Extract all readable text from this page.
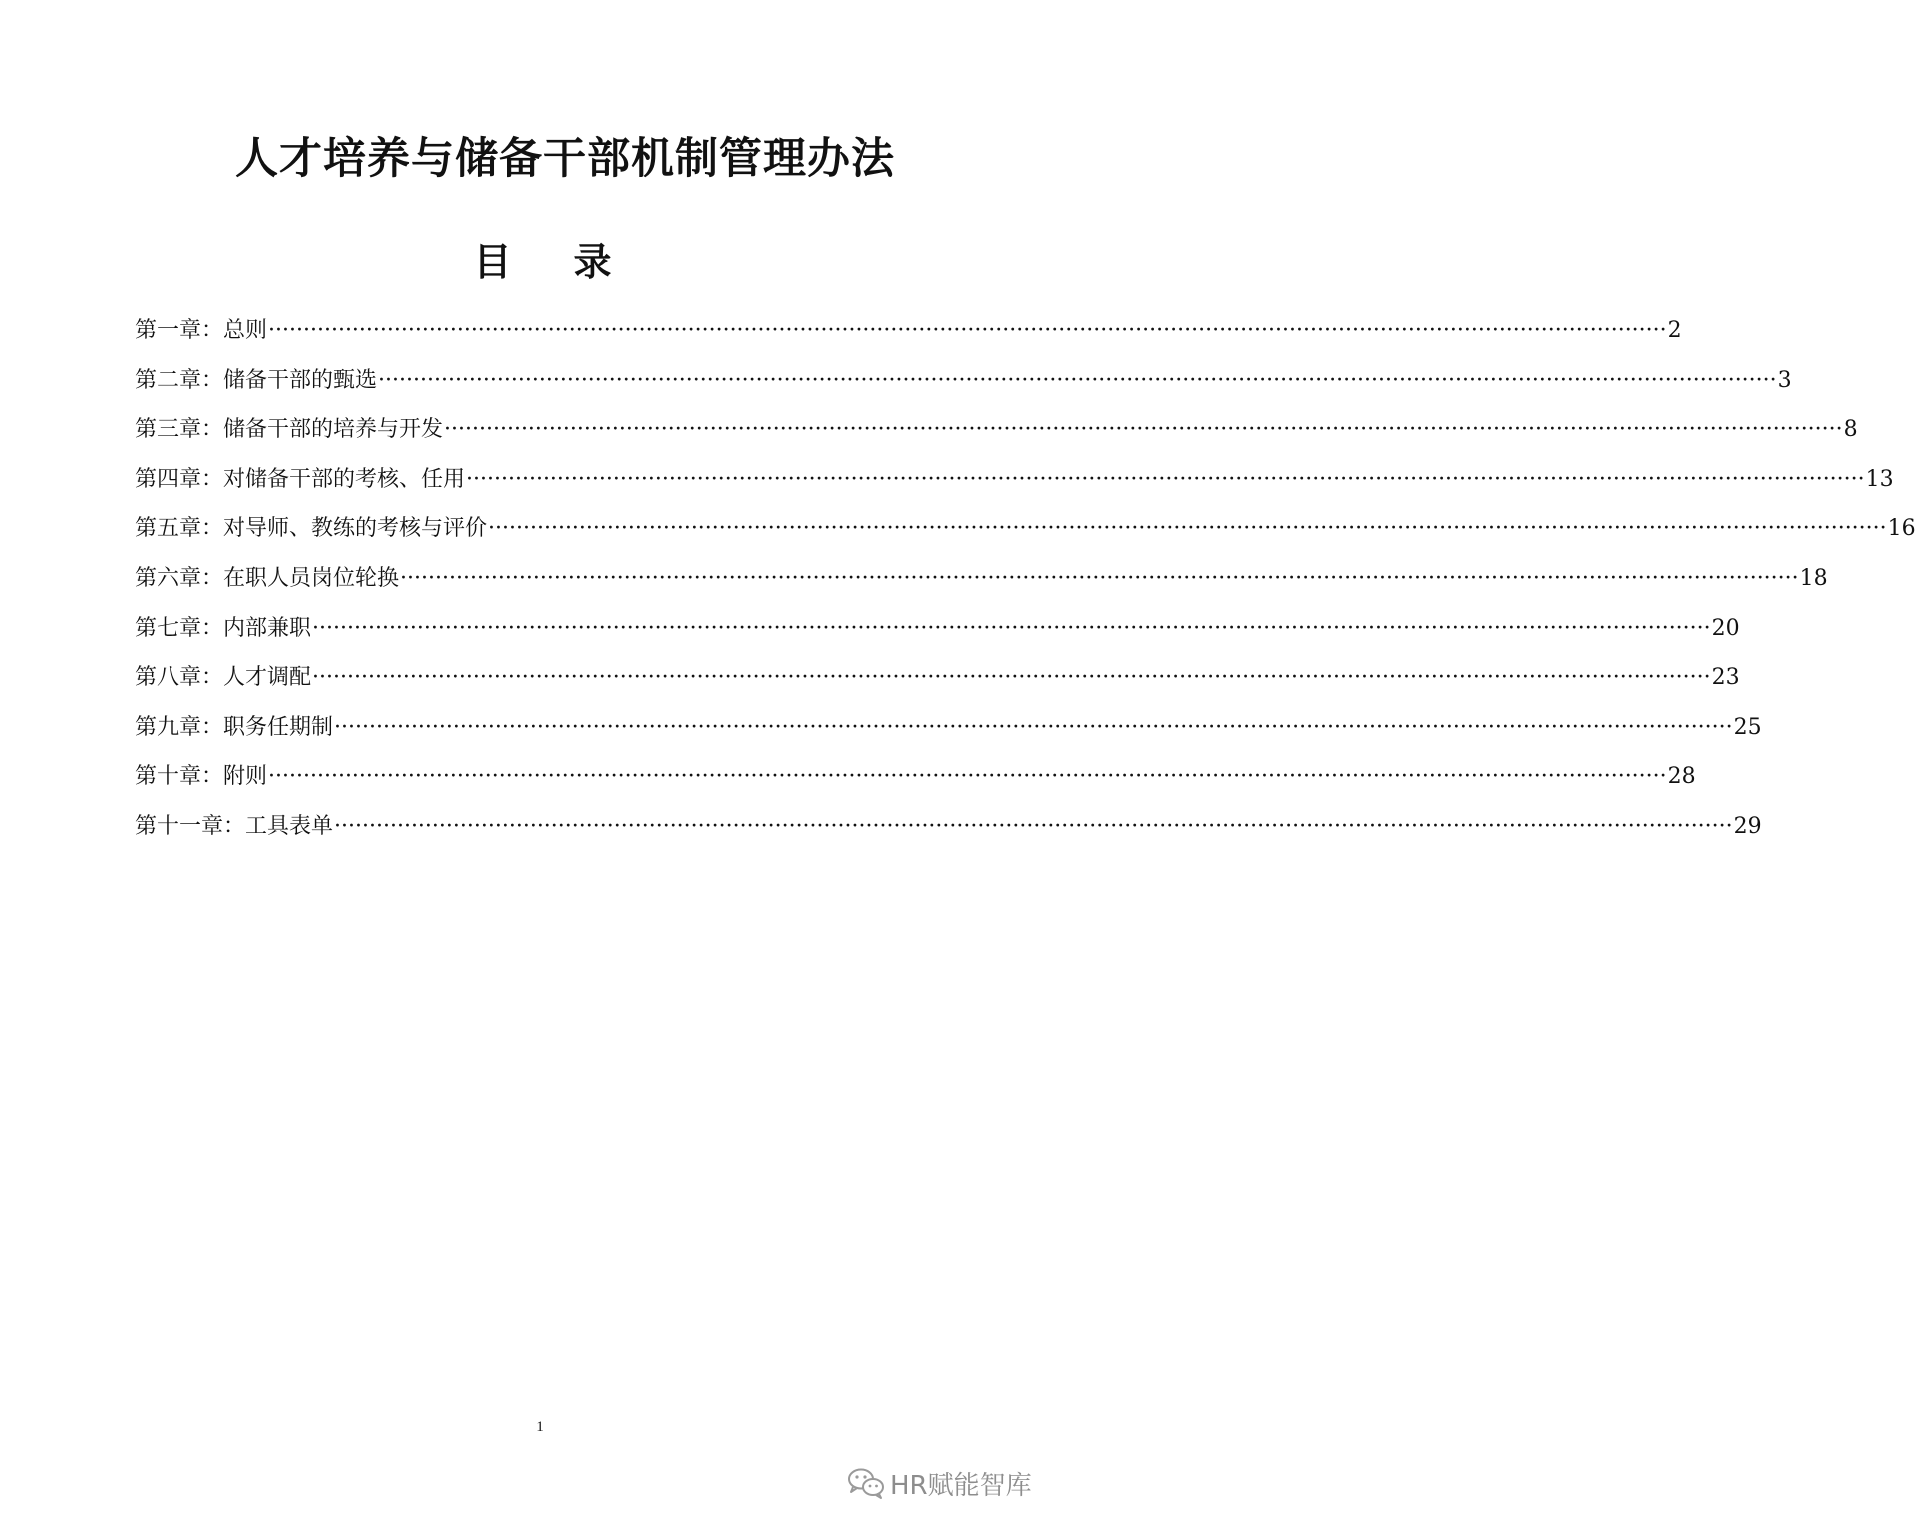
人才培养与储备干部机制管理办法
目 录
第一章：总则 ········································································································································································································ 2
第二章：储备干部的甄选 ········································································································································································································ 3
第三章：储备干部的培养与开发 ········································································································································································································ 8
第四章：对储备干部的考核、任用 ········································································································································································································ 13
第五章：对导师、教练的考核与评价 ········································································································································································································ 16
第六章：在职人员岗位轮换 ········································································································································································································ 18
第七章：内部兼职 ········································································································································································································ 20
第八章：人才调配 ········································································································································································································ 23
第九章：职务任期制 ········································································································································································································ 25
第十章：附则 ········································································································································································································ 28
第十一章：工具表单 ········································································································································································································ 29
1
HR赋能智库
